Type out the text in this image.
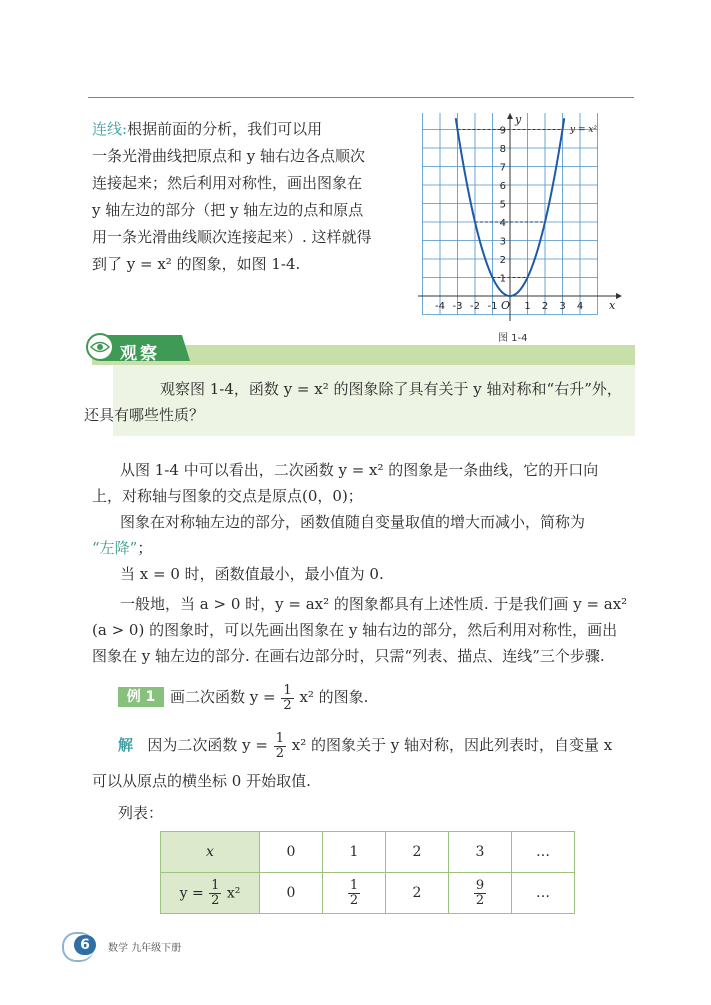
连线:根据前面的分析，我们可以用
一条光滑曲线把原点和 y 轴右边各点顺次
连接起来；然后利用对称性，画出图象在
y 轴左边的部分（把 y 轴左边的点和原点
用一条光滑曲线顺次连接起来）. 这样就得
到了 y = x² 的图象，如图 1-4.
-4 -3 -2 -1	1 2 3 4
1
2
3
4
5
6
7
8
9
x
y
O
y = x²
图 1-4
观察

观察图 1-4，函数 y = x² 的图象除了具有关于 y 轴对称和“右升”外，
还具有哪些性质？

从图 1-4 中可以看出，二次函数 y = x² 的图象是一条曲线，它的开口向
上，对称轴与图象的交点是原点(0，0)；

图象在对称轴左边的部分，函数值随自变量取值的增大而减小，简称为
“左降”；

当 x = 0 时，函数值最小，最小值为 0.

一般地，当 a > 0 时，y = ax² 的图象都具有上述性质. 于是我们画 y = ax²
(a > 0) 的图象时，可以先画出图象在 y 轴右边的部分，然后利用对称性，画出
图象在 y 轴左边的部分. 在画右边部分时，只需“列表、描点、连线”三个步骤.

例 1 画二次函数 $y = \frac{1}{2} x^2$ 的图象.
解 因为二次函数 $y = \frac{1}{2} x^2$ 的图象关于 y 轴对称，因此列表时，自变量 x
可以从原点的横坐标 0 开始取值.
列表：
x	0	1	2	3	…
$y = \frac{1}{2} x^2$	0	$\frac{1}{2}$	2	$\frac{9}{2}$	…
6	数学 九年级下册
